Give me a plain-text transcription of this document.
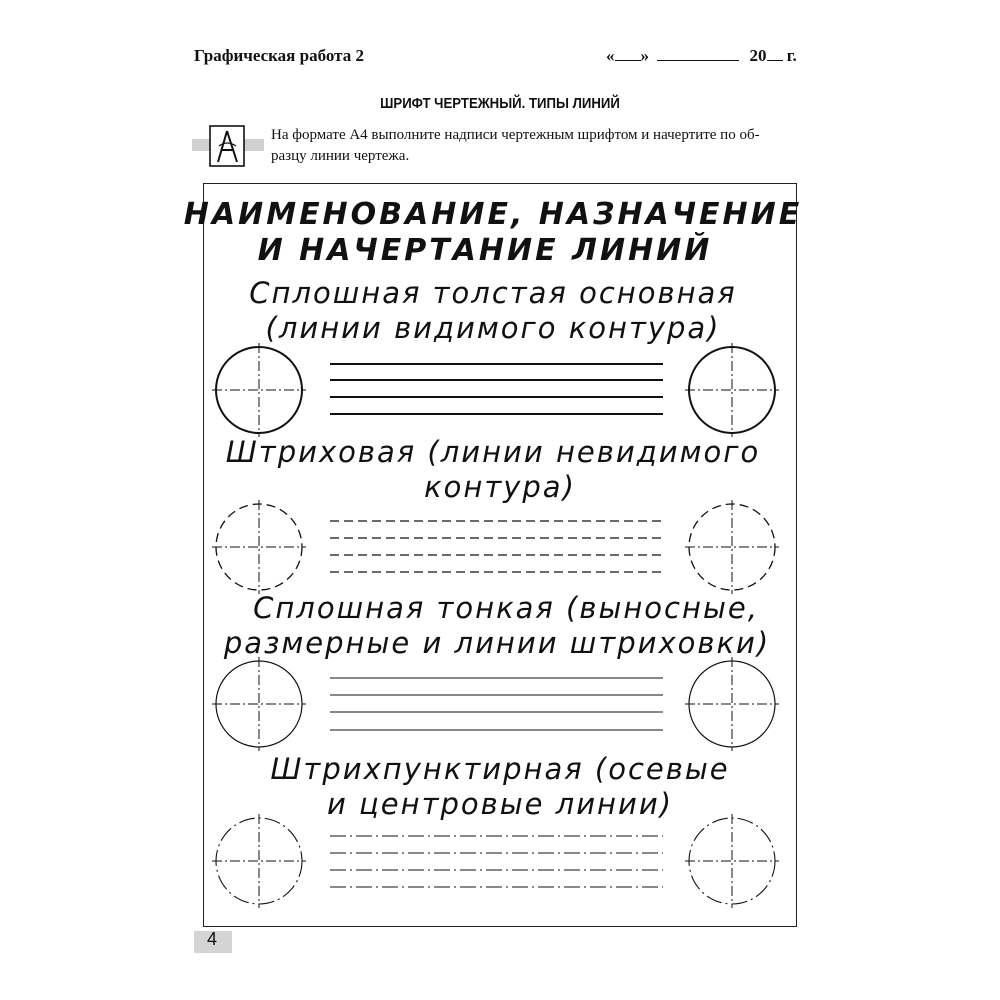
Графическая работа 2	« »	20 г.
ШРИФТ ЧЕРТЕЖНЫЙ. ТИПЫ ЛИНИЙ
На формате А4 выполните надписи чертежным шрифтом и начертите по об-
разцу линии чертежа.
4
НАИМЕНОВАНИЕ, НАЗНАЧЕНИЕ
И НАЧЕРТАНИЕ ЛИНИЙ
Сплошная толстая основная
(линии видимого контура)
Штриховая (линии невидимого
контура)
Сплошная тонкая (выносные,
размерные и линии штриховки)
Штрихпунктирная (осевые
и центровые линии)
